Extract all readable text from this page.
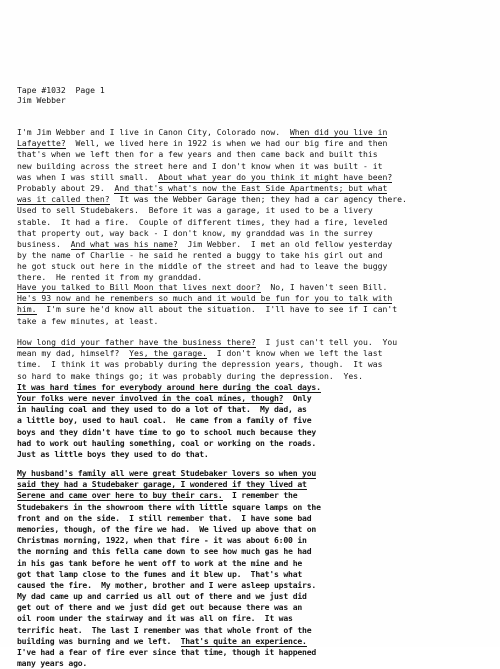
Tape #1032  Page 1
Jim Webber
I'm Jim Webber and I live in Canon City, Colorado now.  When did you live in
Lafayette?  Well, we lived here in 1922 is when we had our big fire and then
that's when we left then for a few years and then came back and built this
new building across the street here and I don't know when it was built - it
was when I was still small.  About what year do you think it might have been?
Probably about 29.  And that's what's now the East Side Apartments; but what
was it called then?  It was the Webber Garage then; they had a car agency there.
Used to sell Studebakers.  Before it was a garage, it used to be a livery
stable.  It had a fire.  Couple of different times, they had a fire, leveled
that property out, way back - I don't know, my granddad was in the surrey
business.  And what was his name?  Jim Webber.  I met an old fellow yesterday
by the name of Charlie - he said he rented a buggy to take his girl out and
he got stuck out here in the middle of the street and had to leave the buggy
there.  He rented it from my granddad.
Have you talked to Bill Moon that lives next door?  No, I haven't seen Bill.
He's 93 now and he remembers so much and it would be fun for you to talk with
him.  I'm sure he'd know all about the situation.  I'll have to see if I can't
take a few minutes, at least.
How long did your father have the business there?  I just can't tell you.  You
mean my dad, himself?  Yes, the garage.  I don't know when we left the last
time.  I think it was probably during the depression years, though.  It was
so hard to make things go; it was probably during the depression.  Yes.
It was hard times for everybody around here during the coal days.
Your folks were never involved in the coal mines, though?  Only
in hauling coal and they used to do a lot of that.  My dad, as
a little boy, used to haul coal.  He came from a family of five
boys and they didn't have time to go to school much because they
had to work out hauling something, coal or working on the roads.
Just as little boys they used to do that.
My husband's family all were great Studebaker lovers so when you
said they had a Studebaker garage, I wondered if they lived at
Serene and came over here to buy their cars.  I remember the
Studebakers in the showroom there with little square lamps on the
front and on the side.  I still remember that.  I have some bad
memories, though, of the fire we had.  We lived up above that on
Christmas morning, 1922, when that fire - it was about 6:00 in
the morning and this fella came down to see how much gas he had
in his gas tank before he went off to work at the mine and he
got that lamp close to the fumes and it blew up.  That's what
caused the fire.  My mother, brother and I were asleep upstairs.
My dad came up and carried us all out of there and we just did
get out of there and we just did get out because there was an
oil room under the stairway and it was all on fire.  It was
terrific heat.  The last I remember was that whole front of the
building was burning and we left.  That's quite an experience.
I've had a fear of fire ever since that time, though it happened
many years ago.
